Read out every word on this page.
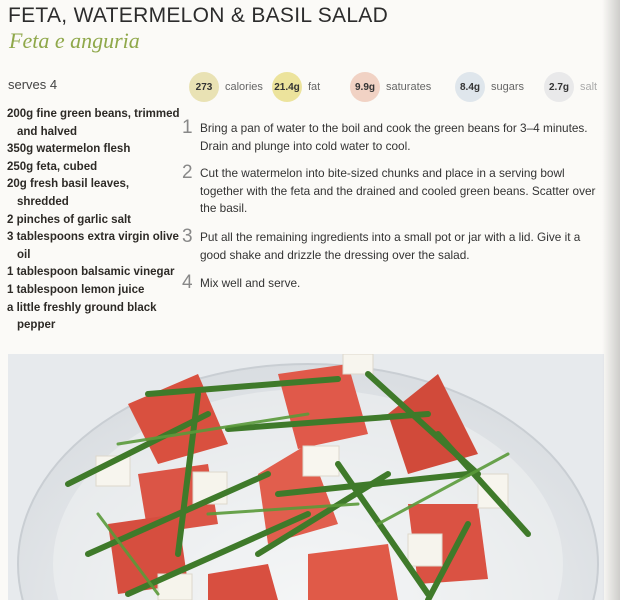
FETA, WATERMELON & BASIL SALAD
Feta e anguria
serves 4	273	calories 21.4g fat	9.9g	saturates	8.4g	sugars	2.7g	salt
200g fine green beans, trimmed and halved
350g watermelon flesh
250g feta, cubed
20g fresh basil leaves, shredded
2 pinches of garlic salt
3 tablespoons extra virgin olive oil
1 tablespoon balsamic vinegar
1 tablespoon lemon juice
a little freshly ground black pepper
1 Bring a pan of water to the boil and cook the green beans for 3–4 minutes. Drain and plunge into cold water to cool.
2 Cut the watermelon into bite-sized chunks and place in a serving bowl together with the feta and the drained and cooled green beans. Scatter over the basil.
3 Put all the remaining ingredients into a small pot or jar with a lid. Give it a good shake and drizzle the dressing over the salad.
4 Mix well and serve.
